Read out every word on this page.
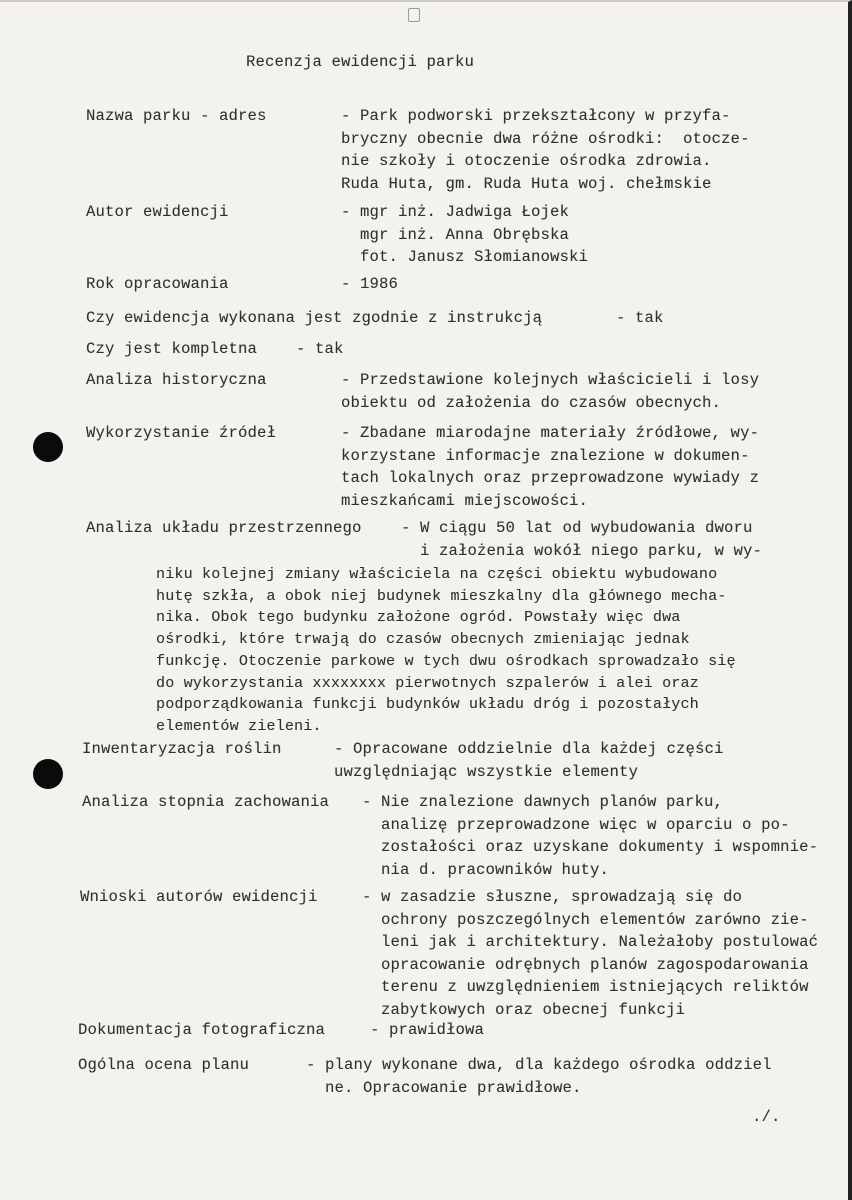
Recenzja ewidencji parku
Nazwa parku - adres	- Park podworski przekształcony w przyfa-
bryczny obecnie dwa różne ośrodki:  otocze-
nie szkoły i otoczenie ośrodka zdrowia.
Ruda Huta, gm. Ruda Huta woj. chełmskie
Autor ewidencji	- mgr inż. Jadwiga Łojek
mgr inż. Anna Obrębska
fot. Janusz Słomianowski
Rok opracowania	- 1986
Czy ewidencja wykonana jest zgodnie z instrukcją	- tak
Czy jest kompletna	- tak
Analiza historyczna	- Przedstawione kolejnych właścicieli i losy
obiektu od założenia do czasów obecnych.
Wykorzystanie źródeł	- Zbadane miarodajne materiały źródłowe, wy-
korzystane informacje znalezione w dokumen-
tach lokalnych oraz przeprowadzone wywiady z
mieszkańcami miejscowości.
Analiza układu przestrzennego	- W ciągu 50 lat od wybudowania dworu
i założenia wokół niego parku, w wy-
niku kolejnej zmiany właściciela na części obiektu wybudowano
hutę szkła, a obok niej budynek mieszkalny dla głównego mecha-
nika. Obok tego budynku założone ogród. Powstały więc dwa
ośrodki, które trwają do czasów obecnych zmieniając jednak
funkcję. Otoczenie parkowe w tych dwu ośrodkach sprowadzało się
do wykorzystania xxxxxxxx pierwotnych szpalerów i alei oraz
podporządkowania funkcji budynków układu dróg i pozostałych
elementów zieleni.
Inwentaryzacja roślin	- Opracowane oddzielnie dla każdej części
uwzględniając wszystkie elementy
Analiza stopnia zachowania - Nie znalezione dawnych planów parku,
analizę przeprowadzone więc w oparciu o po-
zostałości oraz uzyskane dokumenty i wspomnie-
nia d. pracowników huty.
Wnioski autorów ewidencji	- w zasadzie słuszne, sprowadzają się do
ochrony poszczególnych elementów zarówno zie-
leni jak i architektury. Należałoby postulować
opracowanie odrębnych planów zagospodarowania
terenu z uwzględnieniem istniejących reliktów
zabytkowych oraz obecnej funkcji
Dokumentacja fotograficzna	- prawidłowa
Ogólna ocena planu	- plany wykonane dwa, dla każdego ośrodka oddziel
ne. Opracowanie prawidłowe.
./.
